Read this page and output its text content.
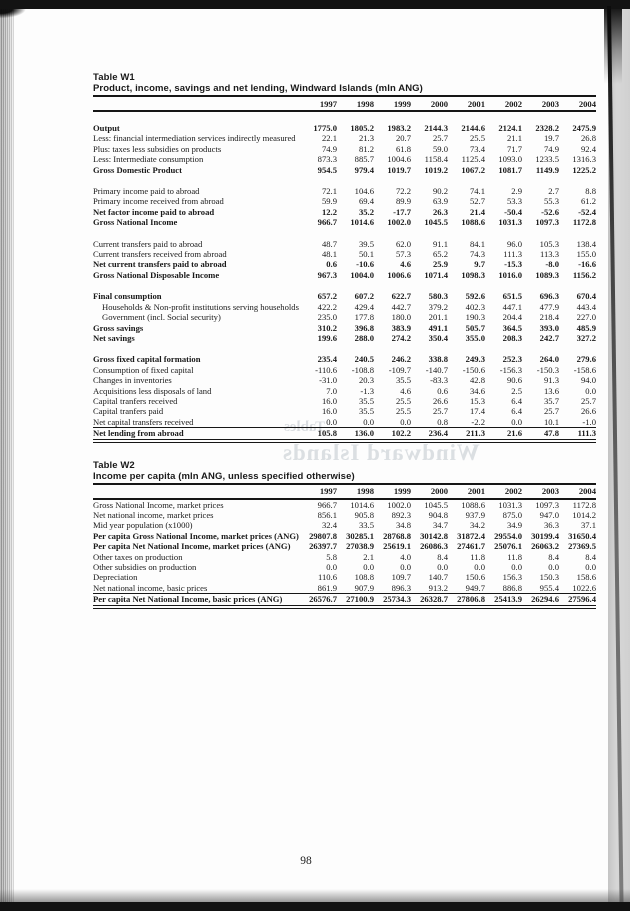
Tables
Windward Islands
Table W1
Product, income, savings and net lending, Windward Islands (mln ANG)
	1997	1998	1999	2000	2001	2002	2003	2004

Output	1775.0	1805.2	1983.2	2144.3	2144.6	2124.1	2328.2	2475.9
Less: financial intermediation services indirectly measured	22.1	21.3	20.7	25.7	25.5	21.1	19.7	26.8
Plus: taxes less subsidies on products	74.9	81.2	61.8	59.0	73.4	71.7	74.9	92.4
Less: Intermediate consumption	873.3	885.7	1004.6	1158.4	1125.4	1093.0	1233.5	1316.3
Gross Domestic Product	954.5	979.4	1019.7	1019.2	1067.2	1081.7	1149.9	1225.2

Primary income paid to abroad	72.1	104.6	72.2	90.2	74.1	2.9	2.7	8.8
Primary income received from abroad	59.9	69.4	89.9	63.9	52.7	53.3	55.3	61.2
Net factor income paid to abroad	12.2	35.2	-17.7	26.3	21.4	-50.4	-52.6	-52.4
Gross National Income	966.7	1014.6	1002.0	1045.5	1088.6	1031.3	1097.3	1172.8

Current transfers paid to abroad	48.7	39.5	62.0	91.1	84.1	96.0	105.3	138.4
Current transfers received from abroad	48.1	50.1	57.3	65.2	74.3	111.3	113.3	155.0
Net current transfers paid to abroad	0.6	-10.6	4.6	25.9	9.7	-15.3	-8.0	-16.6
Gross National Disposable Income	967.3	1004.0	1006.6	1071.4	1098.3	1016.0	1089.3	1156.2

Final consumption	657.2	607.2	622.7	580.3	592.6	651.5	696.3	670.4
Households & Non-profit institutions serving households	422.2	429.4	442.7	379.2	402.3	447.1	477.9	443.4
Government (incl. Social security)	235.0	177.8	180.0	201.1	190.3	204.4	218.4	227.0
Gross savings	310.2	396.8	383.9	491.1	505.7	364.5	393.0	485.9
Net savings	199.6	288.0	274.2	350.4	355.0	208.3	242.7	327.2

Gross fixed capital formation	235.4	240.5	246.2	338.8	249.3	252.3	264.0	279.6
Consumption of fixed capital	-110.6	-108.8	-109.7	-140.7	-150.6	-156.3	-150.3	-158.6
Changes in inventories	-31.0	20.3	35.5	-83.3	42.8	90.6	91.3	94.0
Acquisitions less disposals of land	7.0	-1.3	4.6	0.6	34.6	2.5	13.6	0.0
Capital tranfers received	16.0	35.5	25.5	26.6	15.3	6.4	35.7	25.7
Capital tranfers paid	16.0	35.5	25.5	25.7	17.4	6.4	25.7	26.6
Net capital transfers received	0.0	0.0	0.0	0.8	-2.2	0.0	10.1	-1.0
Net lending from abroad	105.8	136.0	102.2	236.4	211.3	21.6	47.8	111.3
Table W2
Income per capita (mln ANG, unless specified otherwise)
	1997	1998	1999	2000	2001	2002	2003	2004
Gross National Income, market prices	966.7	1014.6	1002.0	1045.5	1088.6	1031.3	1097.3	1172.8
Net national income, market prices	856.1	905.8	892.3	904.8	937.9	875.0	947.0	1014.2
Mid year population (x1000)	32.4	33.5	34.8	34.7	34.2	34.9	36.3	37.1
Per capita Gross National Income, market prices (ANG)	29807.8	30285.1	28768.8	30142.8	31872.4	29554.0	30199.4	31650.4
Per capita Net National Income, market prices (ANG)	26397.7	27038.9	25619.1	26086.3	27461.7	25076.1	26063.2	27369.5
Other taxes on production	5.8	2.1	4.0	8.4	11.8	11.8	8.4	8.4
Other subsidies on production	0.0	0.0	0.0	0.0	0.0	0.0	0.0	0.0
Depreciation	110.6	108.8	109.7	140.7	150.6	156.3	150.3	158.6
Net national income, basic prices	861.9	907.9	896.3	913.2	949.7	886.8	955.4	1022.6
Per capita Net National Income, basic prices (ANG)	26576.7	27100.9	25734.3	26328.7	27806.8	25413.9	26294.6	27596.4
98
